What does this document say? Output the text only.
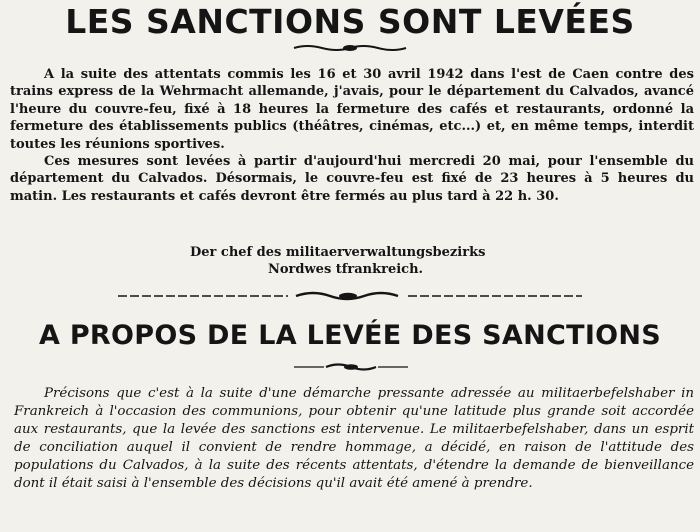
LES SANCTIONS SONT LEVÉES

A la suite des attentats commis les 16 et 30 avril 1942 dans l'est de Caen contre des trains express de la Wehrmacht allemande, j'avais, pour le département du Calvados, avancé l'heure du couvre-feu, fixé à 18 heures la fermeture des cafés et restaurants, ordonné la fermeture des établissements publics (théâtres, cinémas, etc...) et, en même temps, interdit toutes les réunions sportives.

Ces mesures sont levées à partir d'aujourd'hui mercredi 20 mai, pour l'ensemble du département du Calvados. Désormais, le couvre-feu est fixé de 23 heures à 5 heures du matin. Les restaurants et cafés devront être fermés au plus tard à 22 h. 30.

Der chef des militaerverwaltungsbezirks
Nordwes tfrankreich.
A PROPOS DE LA LEVÉE DES SANCTIONS

Précisons que c'est à la suite d'une démarche pressante adressée au militaerbefelshaber in Frankreich à l'occasion des communions, pour obtenir qu'une latitude plus grande soit accordée aux restaurants, que la levée des sanctions est intervenue. Le militaerbefelshaber, dans un esprit de conciliation auquel il convient de rendre hommage, a décidé, en raison de l'attitude des populations du Calvados, à la suite des récents attentats, d'étendre la demande de bienveillance dont il était saisi à l'ensemble des décisions qu'il avait été amené à prendre.
